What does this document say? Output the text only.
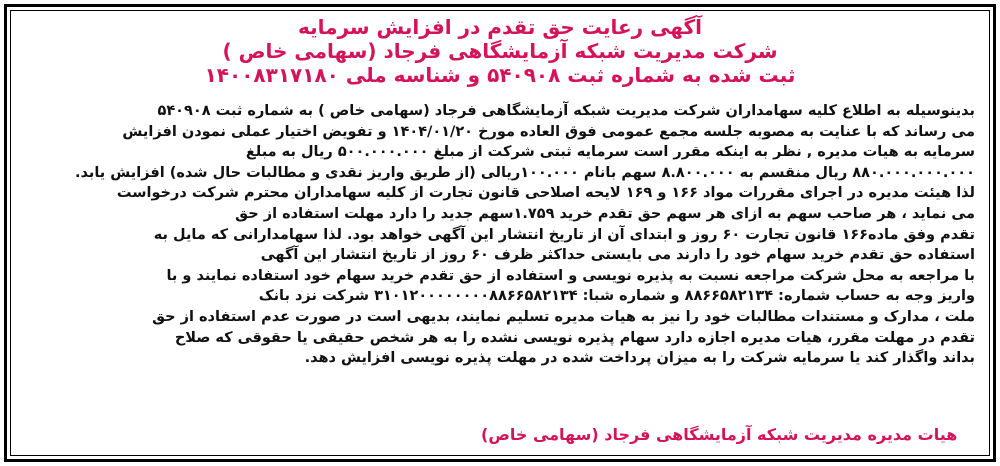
آگهی رعایت حق تقدم در افزایش سرمایه
شرکت مدیریت شبکه آزمایشگاهی فرجاد (سهامی خاص )
ثبت شده به شماره ثبت ۵۴۰۹۰۸ و شناسه ملی ۱۴۰۰۸۳۱۷۱۸۰
بدینوسیله به اطلاع کلیه سهامداران شرکت مدیریت شبکه آزمایشگاهی فرجاد (سهامی خاص ) به شماره ثبت ۵۴۰۹۰۸
می رساند که با عنایت به مصوبه جلسه مجمع عمومی فوق العاده مورخ ۱۴۰۴/۰۱/۲۰ و تفویض اختیار عملی نمودن افزایش
سرمایه به هیات مدیره , نظر به اینکه مقرر است سرمایه ثبتی شرکت از مبلغ ۵۰۰.۰۰۰.۰۰۰ ریال به مبلغ
۸۸۰.۰۰۰.۰۰۰.۰۰۰ ریال منقسم به ۸.۸۰۰.۰۰۰ سهم بانام ۱۰۰.۰۰۰ریالی (از طریق واریز نقدی و مطالبات حال شده) افزایش یابد.
لذا هیئت مدیره در اجرای مقررات مواد ۱۶۶ و ۱۶۹ لایحه اصلاحی قانون تجارت از کلیه سهامداران محترم شرکت درخواست
می نماید ، هر صاحب سهم به ازای هر سهم حق تقدم خرید ۱.۷۵۹سهم جدید را دارد مهلت استفاده از حق
تقدم وفق ماده۱۶۶ قانون تجارت ۶۰ روز و ابتدای آن از تاریخ انتشار این آگهی خواهد بود. لذا سهامدارانی که مایل به
استفاده حق تقدم خرید سهام خود را دارند می بایستی حداکثر ظرف ۶۰ روز از تاریخ انتشار این آگهی
با مراجعه به محل شرکت مراجعه نسبت به پذیره نویسی و استفاده از حق تقدم خرید سهام خود استفاده نمایند و با
واریز وجه به حساب شماره: ۸۸۶۶۵۸۲۱۳۴ و شماره شبا: ۳۱۰۱۲۰۰۰۰۰۰۰۰۸۸۶۶۵۸۲۱۳۴ شرکت نزد بانک
ملت ، مدارک و مستندات مطالبات خود را نیز به هیات مدیره تسلیم نمایند، بدیهی است در صورت عدم استفاده از حق
تقدم در مهلت مقرر، هیات مدیره اجازه دارد سهام پذیره نویسی نشده را به هر شخص حقیقی یا حقوقی که صلاح
بداند واگذار کند یا سرمایه شرکت را به میزان پرداخت شده در مهلت پذیره نویسی افزایش دهد.
هیات مدیره مدیریت شبکه آزمایشگاهی فرجاد (سهامی خاص)
